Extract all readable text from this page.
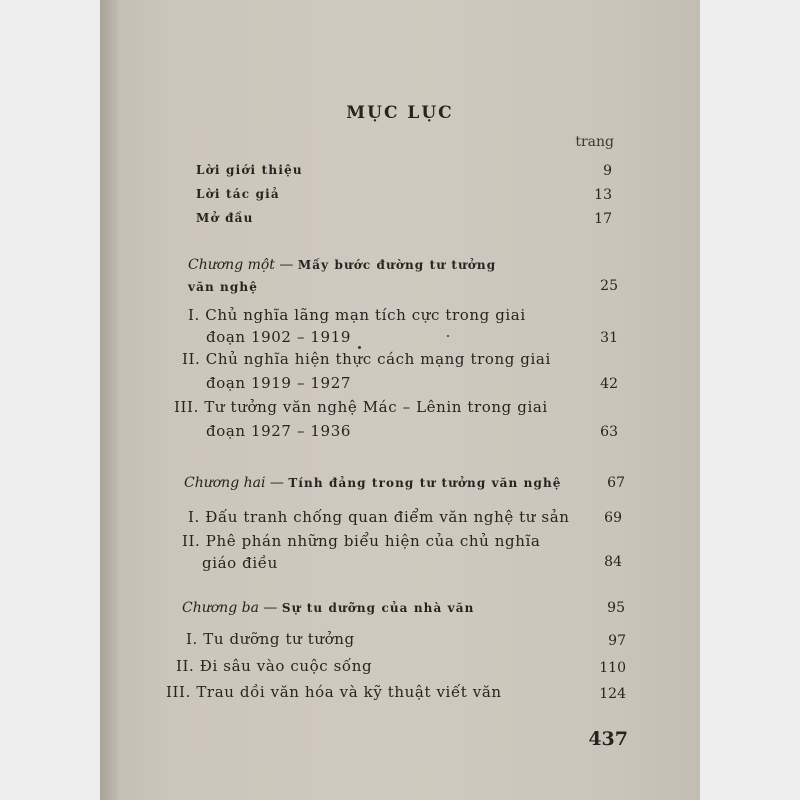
MỤC LỤC
trang
Lời giới thiệu	9
Lời tác giả	13
Mở đầu	17
Chương một — Mấy bước đường tư tưởng
văn nghệ	25
I. Chủ nghĩa lãng mạn tích cực trong giai
đoạn 1902 – 1919	31
II. Chủ nghĩa hiện thực cách mạng trong giai
đoạn 1919 – 1927	42
III. Tư tưởng văn nghệ Mác – Lênin trong giai
đoạn 1927 – 1936	63
Chương hai — Tính đảng trong tư tưởng văn nghệ	67
I. Đấu tranh chống quan điểm văn nghệ tư sản	69
II. Phê phán những biểu hiện của chủ nghĩa
giáo điều	84
Chương ba — Sự tu dưỡng của nhà văn	95
I. Tu dưỡng tư tưởng	97
II. Đi sâu vào cuộc sống	110
III. Trau dồi văn hóa và kỹ thuật viết văn	124
437
